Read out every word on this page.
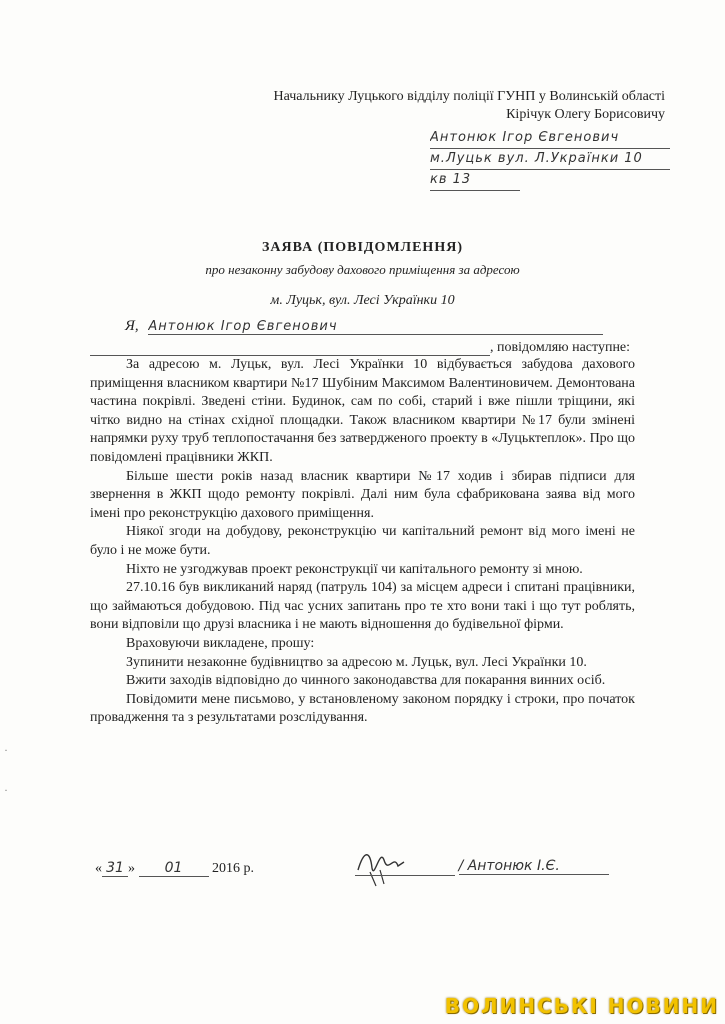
Начальнику Луцького відділу поліції ГУНП у Волинській області
Кірічук Олегу Борисовичу
Антонюк Ігор Євгенович
м.Луцьк вул. Л.Українки 10
кв 13
ЗАЯВА (ПОВІДОМЛЕННЯ)
про незаконну забудову дахового приміщення за адресою
м. Луцьк, вул. Лесі Українки 10
Я, Антонюк Ігор Євгенович
, повідомляю наступне:

За адресою м. Луцьк, вул. Лесі Українки 10 відбувається забудова дахового приміщення власником квартири №17 Шубіним Максимом Валентиновичем. Демонтована частина покрівлі. Зведені стіни. Будинок, сам по собі, старий і вже пішли тріщини, які чітко видно на стінах східної площадки. Також власником квартири №17 були змінені напрямки руху труб теплопостачання без затвердженого проекту в «Луцьктеплок». Про що повідомлені працівники ЖКП.

Більше шести років назад власник квартири №17 ходив і збирав підписи для звернення в ЖКП щодо ремонту покрівлі. Далі ним була сфабрикована заява від мого імені про реконструкцію дахового приміщення.

Ніякої згоди на добудову, реконструкцію чи капітальний ремонт від мого імені не було і не може бути.

Ніхто не узгоджував проект реконструкції чи капітального ремонту зі мною.

27.10.16 був викликаний наряд (патруль 104) за місцем адреси і спитані працівники, що займаються добудовою. Під час усних запитань про те хто вони такі і що тут роблять, вони відповіли що друзі власника і не мають відношення до будівельної фірми.

Враховуючи викладене, прошу:

Зупинити незаконне будівництво за адресою м. Луцьк, вул. Лесі Українки 10.

Вжити заходів відповідно до чинного законодавства для покарання винних осіб.

Повідомити мене письмово, у встановленому законом порядку і строки, про початок провадження та з результатами розслідування.

·
·
« 31 » 01 2016 р.	/ Антонюк І.Є.
ВОЛИНСЬКІ НОВИНИ
